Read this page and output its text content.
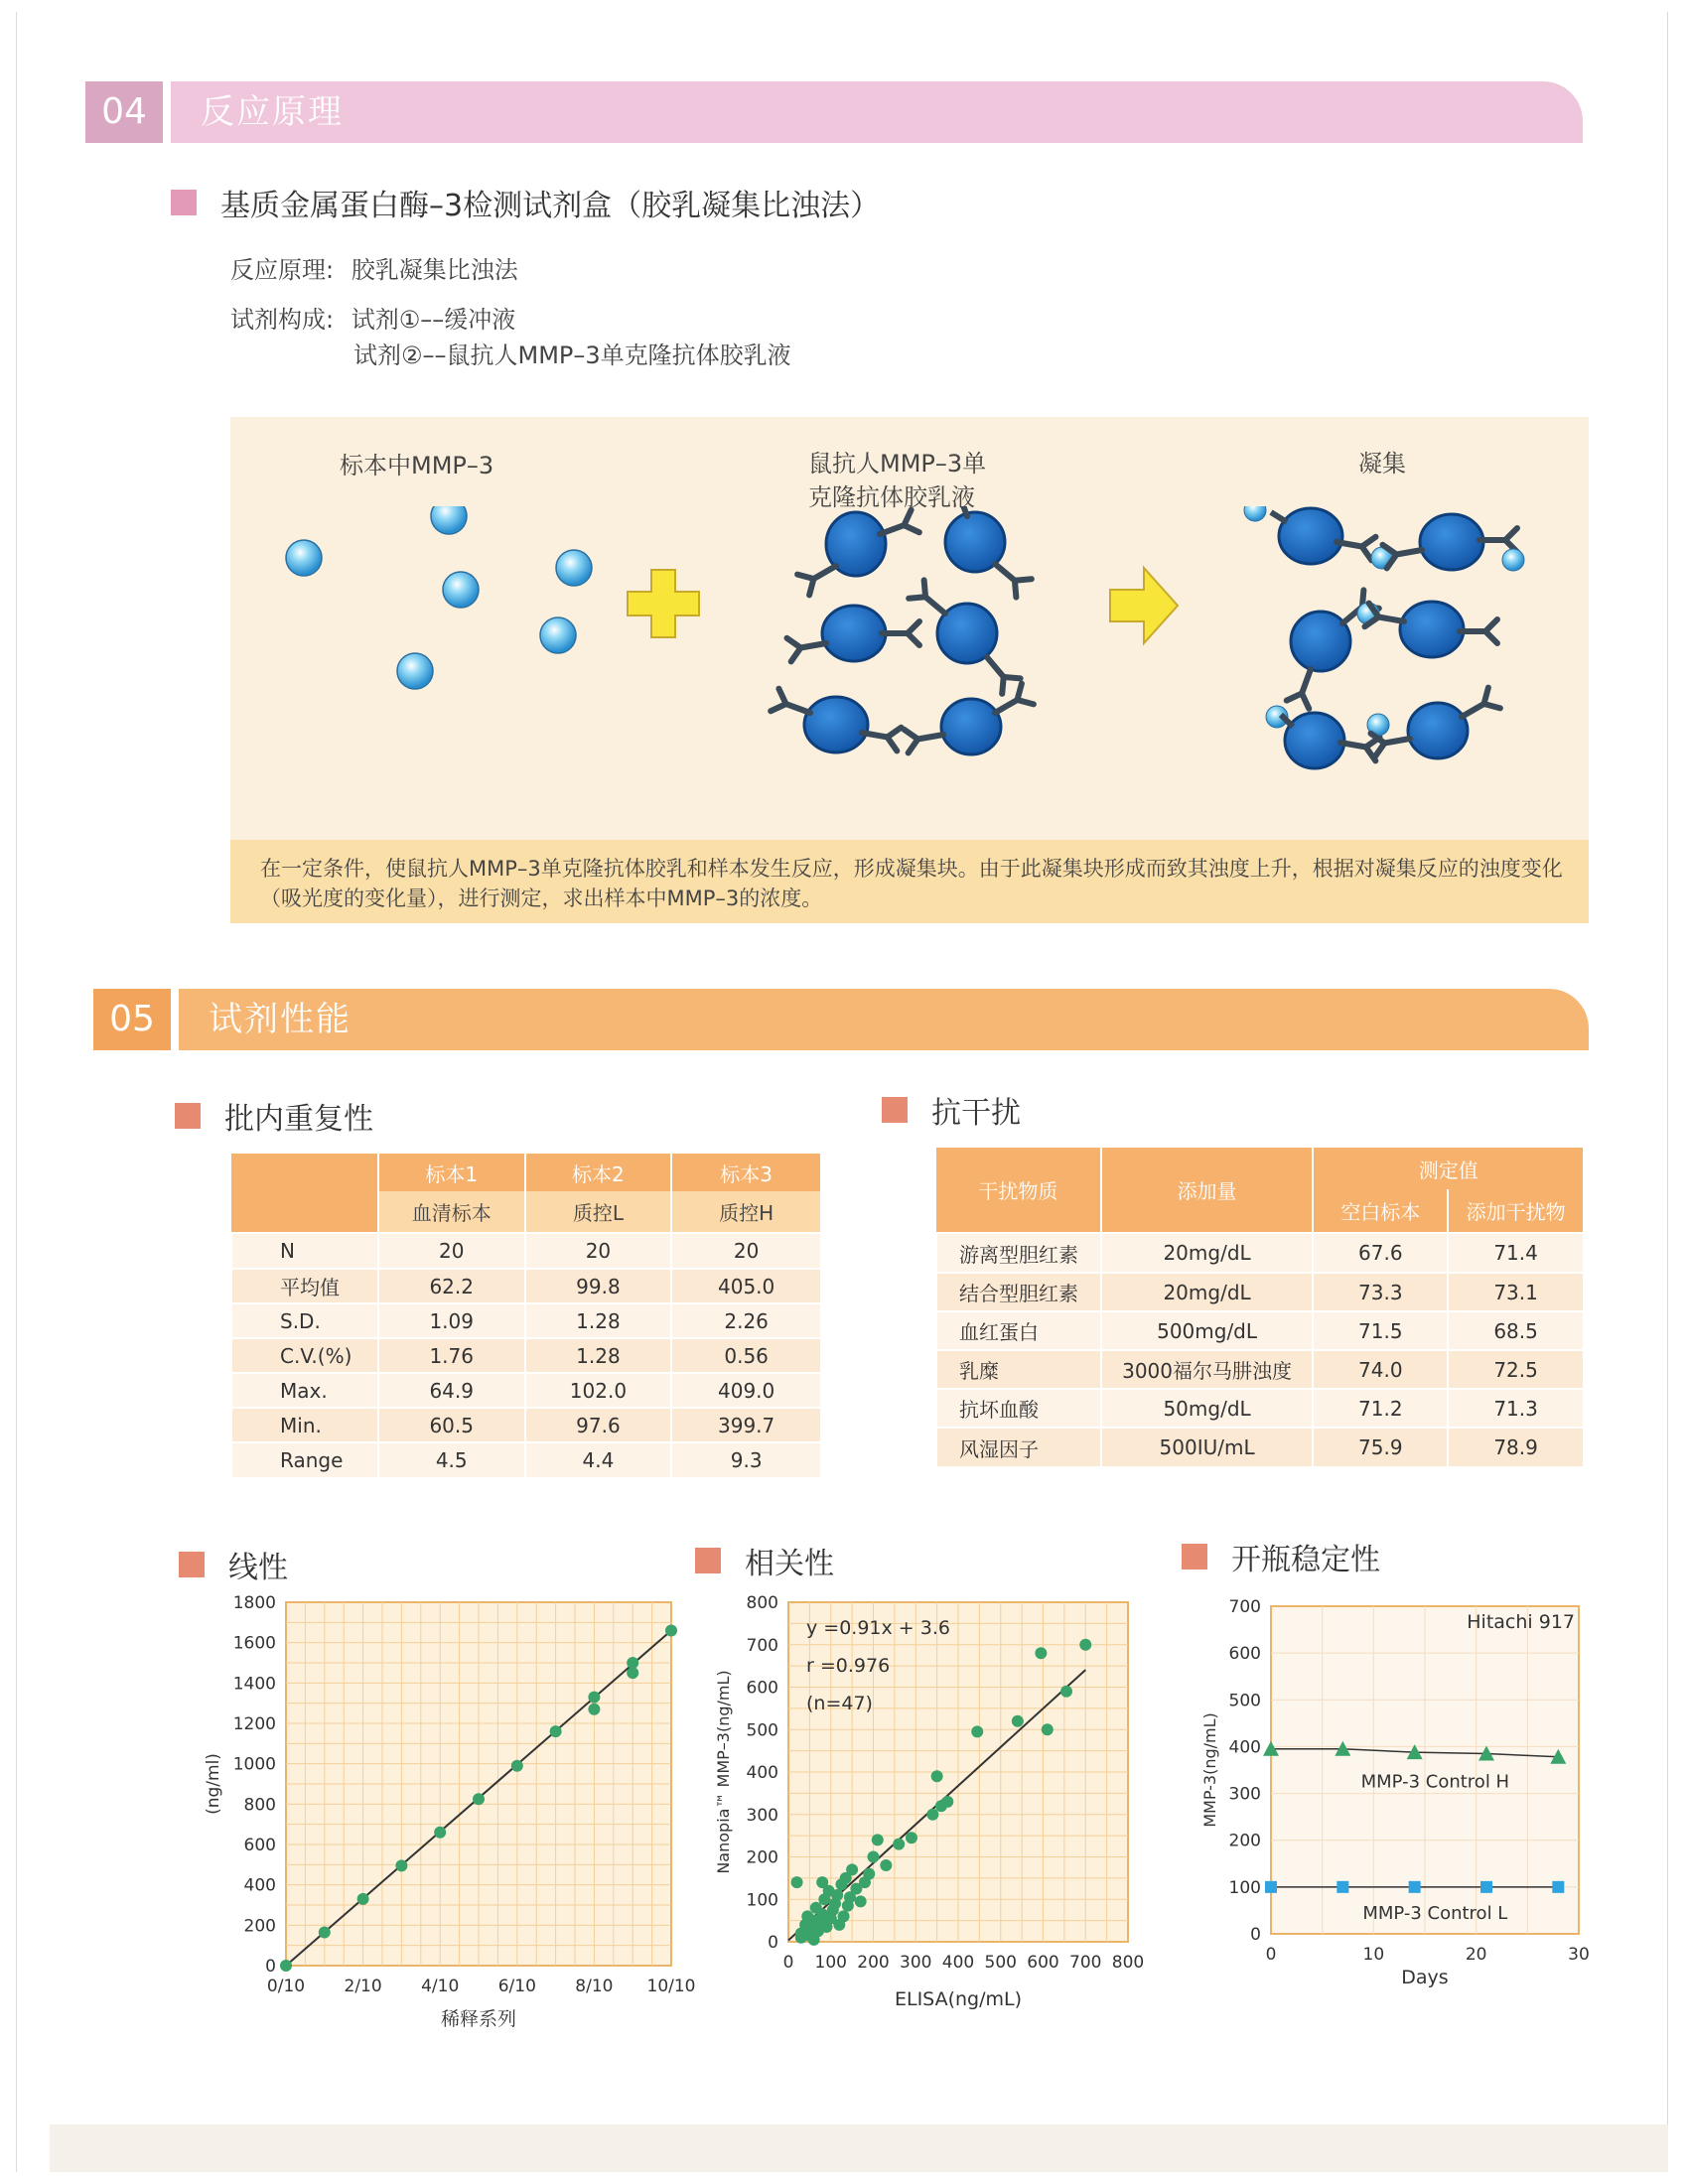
04	反应原理
基质金属蛋白酶–3检测试剂盒（胶乳凝集比浊法）
反应原理: 胶乳凝集比浊法
试剂构成: 试剂①––缓冲液
试剂②––鼠抗人MMP–3单克隆抗体胶乳液
标本中MMP–3	鼠抗人MMP–3单
克隆抗体胶乳液
凝集

在一定条件，使鼠抗人MMP–3单克隆抗体胶乳和样本发生反应，形成凝集块。由于此凝集块形成而致其浊度上升，根据对凝集反应的浊度变化（吸光度的变化量），进行测定，求出样本中MMP–3的浓度。

05	试剂性能
批内重复性
	标本1	标本2	标本3
	血清标本	质控L	质控H
N	20	20	20
平均值	62.2	99.8	405.0
S.D.	1.09	1.28	2.26
C.V.(%)	1.76	1.28	0.56
Max.	64.9	102.0	409.0
Min.	60.5	97.6	399.7
Range	4.5	4.4	9.3
抗干扰
干扰物质	添加量	测定值	
		空白标本	添加干扰物
游离型胆红素	20mg/dL	67.6	71.4
结合型胆红素	20mg/dL	73.3	73.1
血红蛋白	500mg/dL	71.5	68.5
乳糜	3000福尔马肼浊度	74.0	72.5
抗坏血酸	50mg/dL	71.2	71.3
风湿因子	500IU/mL	75.9	78.9
线性	相关性	开瓶稳定性
0/10 2/10 4/10 6/10 8/10 10/10
0
200
400
600
800
1000
1200
1400
1600
1800
稀释系列
(ng/ml)
0 100 200 300 400 500 600 700 800
0
100
200
300
400
500
600
700
800
y =0.91x + 3.6
r =0.976
(n=47)
ELISA(ng/mL)
Nanopia™ MMP–3(ng/mL)
0	10	20	30
0
100
200
300
400
500
600
700
Hitachi 917
MMP-3 Control H
MMP-3 Control L
Days
MMP-3(ng/mL)
